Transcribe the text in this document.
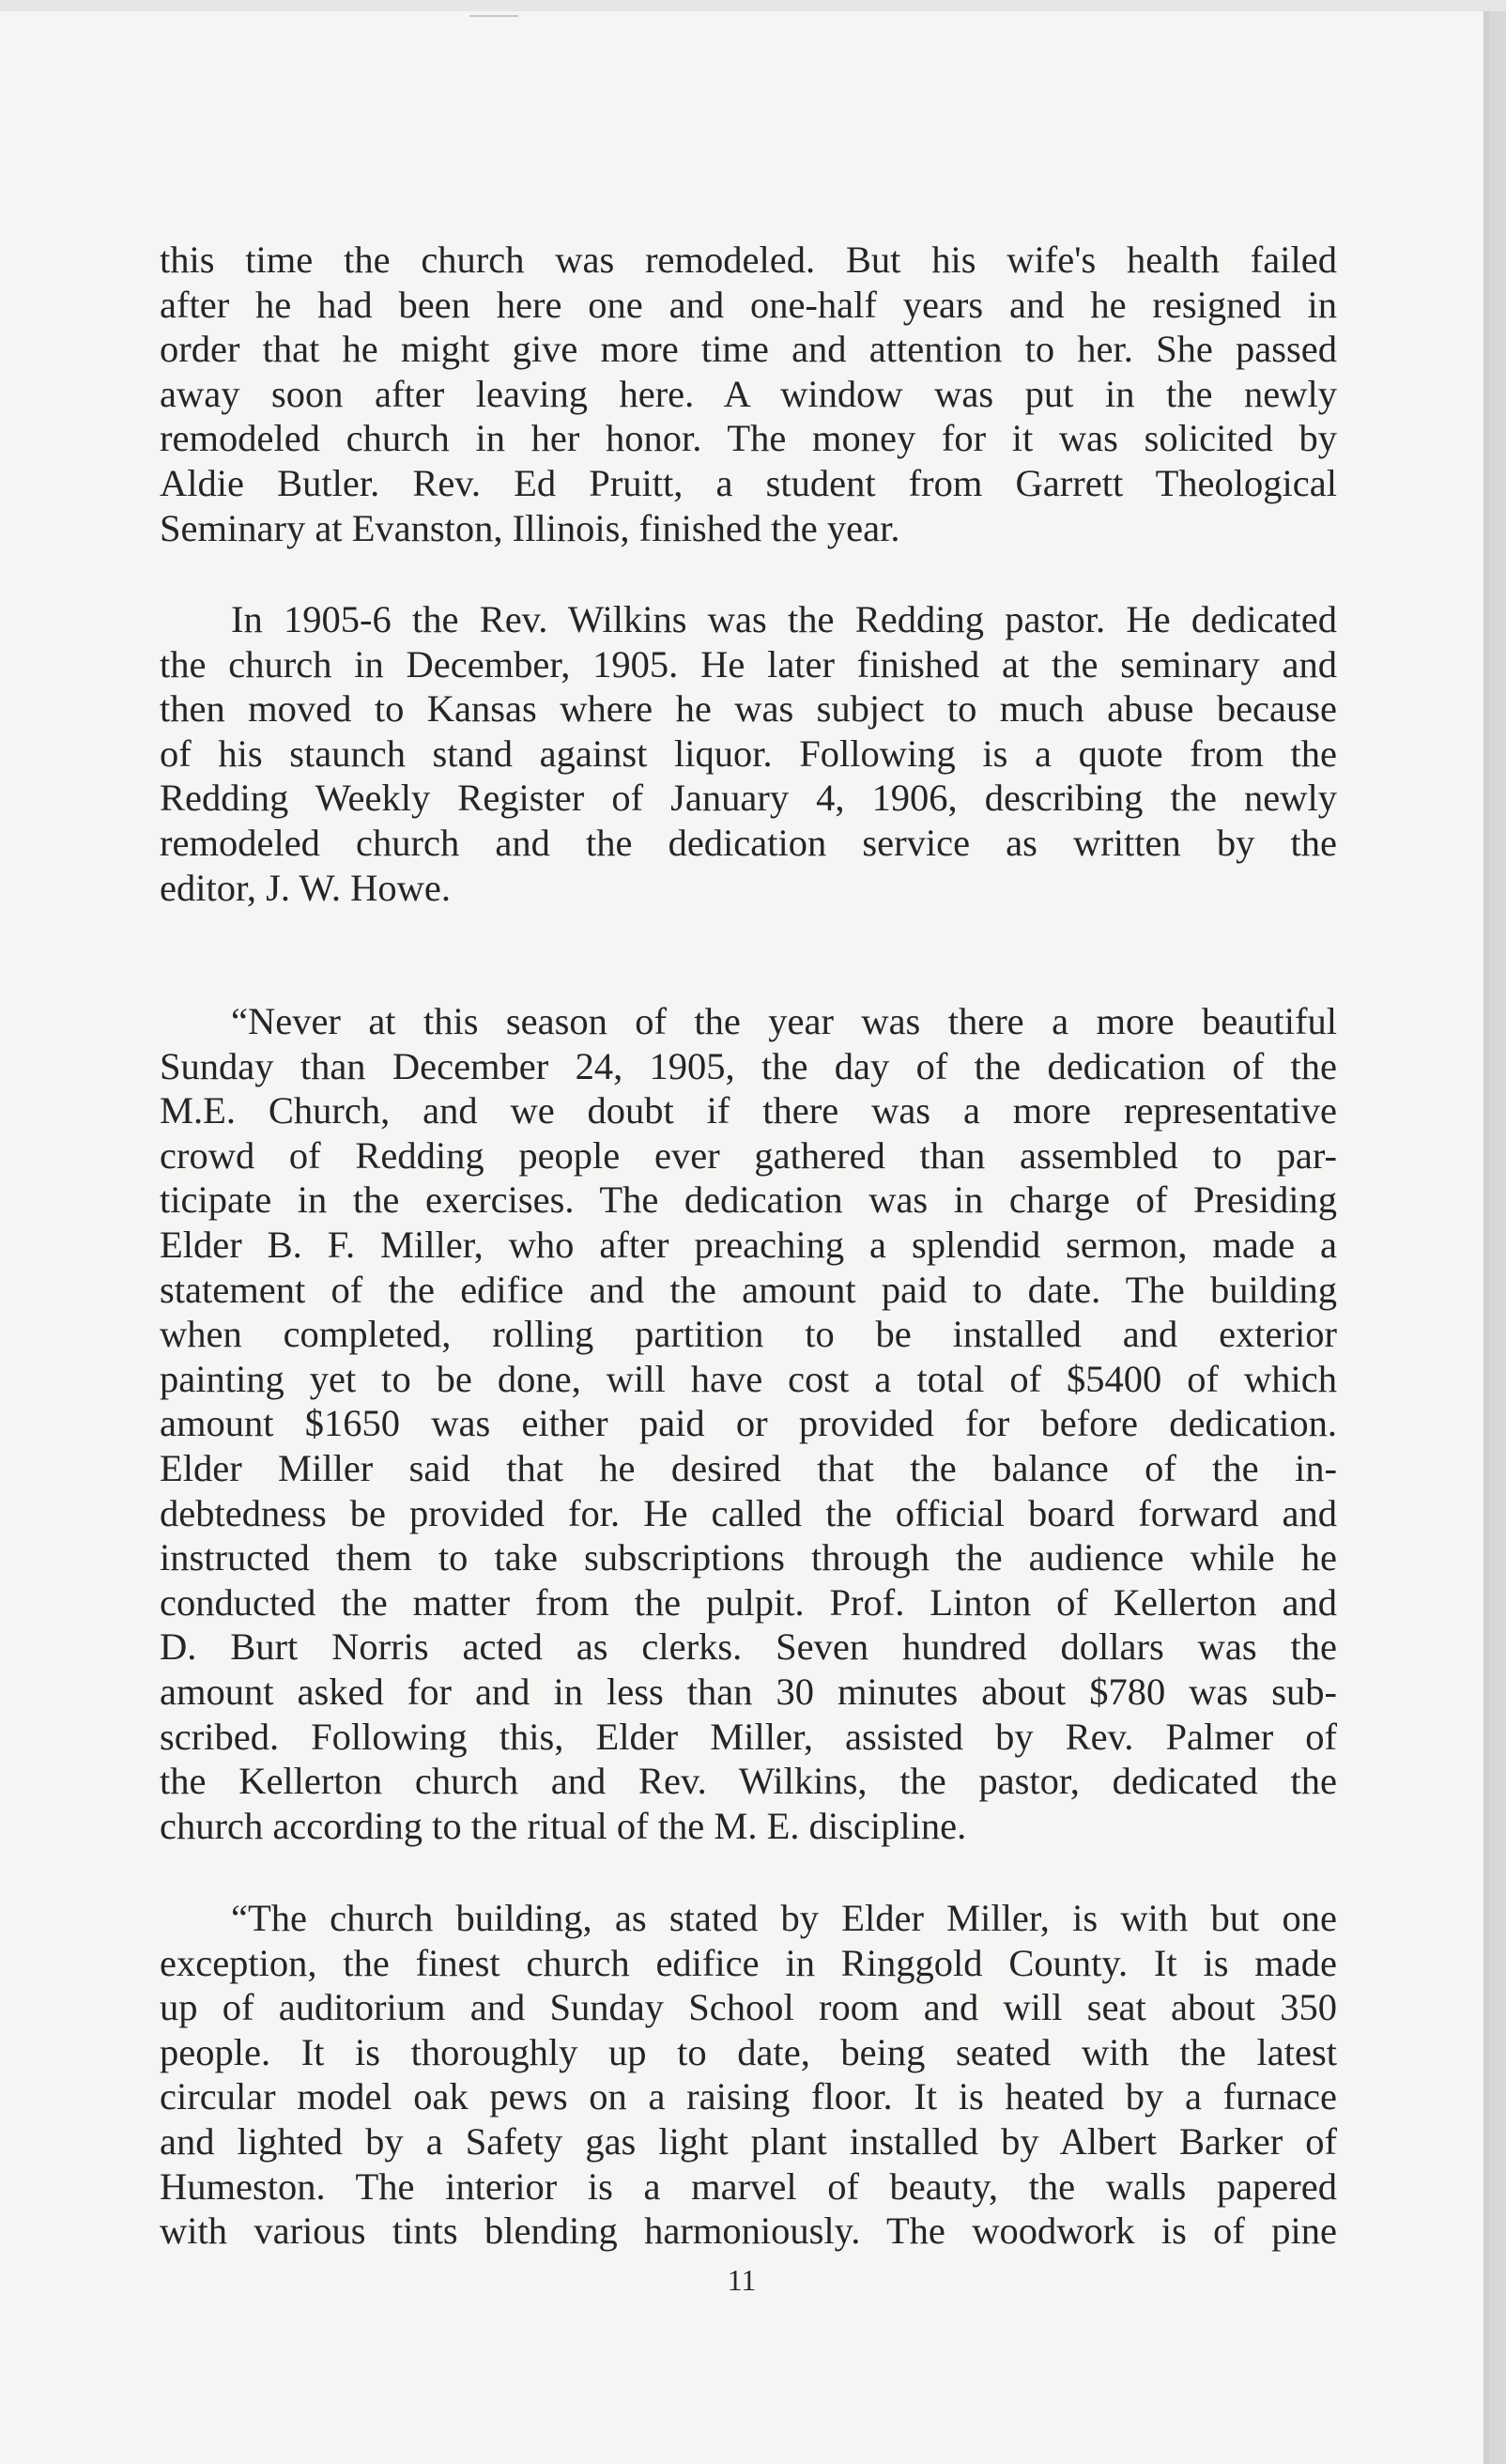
this time the church was remodeled. But his wife's health failed
after he had been here one and one-half years and he resigned in
order that he might give more time and attention to her. She passed
away soon after leaving here. A window was put in the newly
remodeled church in her honor. The money for it was solicited by
Aldie Butler. Rev. Ed Pruitt, a student from Garrett Theological
Seminary at Evanston, Illinois, finished the year.
In 1905-6 the Rev. Wilkins was the Redding pastor. He dedicated
the church in December, 1905. He later finished at the seminary and
then moved to Kansas where he was subject to much abuse because
of his staunch stand against liquor. Following is a quote from the
Redding Weekly Register of January 4, 1906, describing the newly
remodeled church and the dedication service as written by the
editor, J. W. Howe.
“Never at this season of the year was there a more beautiful
Sunday than December 24, 1905, the day of the dedication of the
M.E. Church, and we doubt if there was a more representative
crowd of Redding people ever gathered than assembled to par-
ticipate in the exercises. The dedication was in charge of Presiding
Elder B. F. Miller, who after preaching a splendid sermon, made a
statement of the edifice and the amount paid to date. The building
when completed, rolling partition to be installed and exterior
painting yet to be done, will have cost a total of $5400 of which
amount $1650 was either paid or provided for before dedication.
Elder Miller said that he desired that the balance of the in-
debtedness be provided for. He called the official board forward and
instructed them to take subscriptions through the audience while he
conducted the matter from the pulpit. Prof. Linton of Kellerton and
D. Burt Norris acted as clerks. Seven hundred dollars was the
amount asked for and in less than 30 minutes about $780 was sub-
scribed. Following this, Elder Miller, assisted by Rev. Palmer of
the Kellerton church and Rev. Wilkins, the pastor, dedicated the
church according to the ritual of the M. E. discipline.
“The church building, as stated by Elder Miller, is with but one
exception, the finest church edifice in Ringgold County. It is made
up of auditorium and Sunday School room and will seat about 350
people. It is thoroughly up to date, being seated with the latest
circular model oak pews on a raising floor. It is heated by a furnace
and lighted by a Safety gas light plant installed by Albert Barker of
Humeston. The interior is a marvel of beauty, the walls papered
with various tints blending harmoniously. The woodwork is of pine
11
